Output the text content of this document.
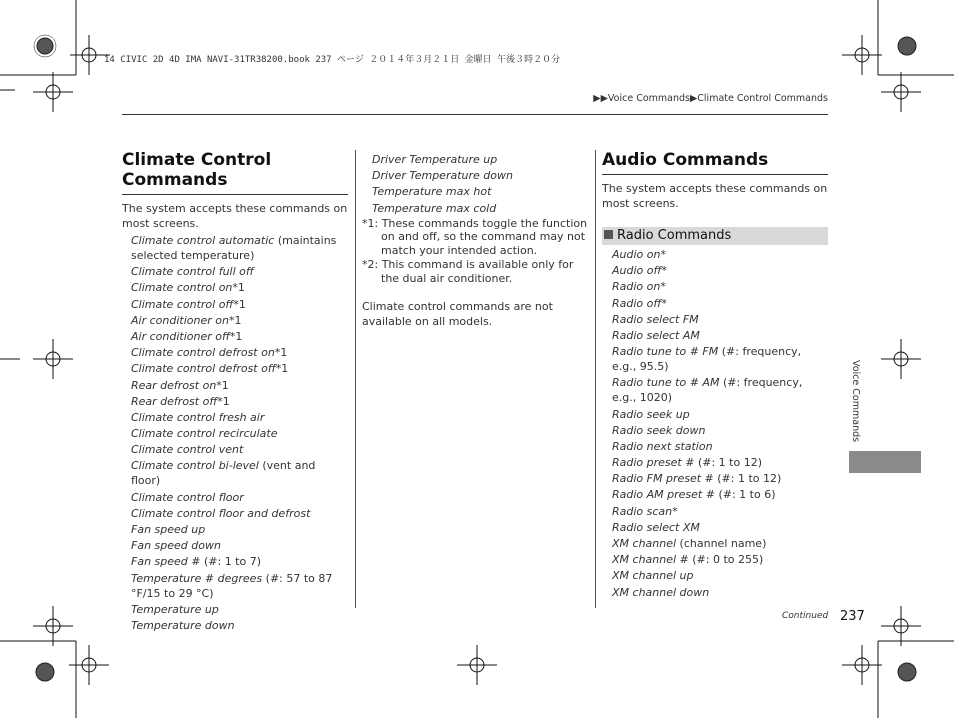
14 CIVIC 2D 4D IMA NAVI-31TR38200.book 237 ページ ２０１４年３月２１日 金曜日 午後３時２０分
▶▶Voice Commands▶Climate Control Commands
Climate Control Commands
The system accepts these commands on most screens.
Climate control automatic (maintains selected temperature)
Climate control full off
Climate control on*1
Climate control off*1
Air conditioner on*1
Air conditioner off*1
Climate control defrost on*1
Climate control defrost off*1
Rear defrost on*1
Rear defrost off*1
Climate control fresh air
Climate control recirculate
Climate control vent
Climate control bi-level (vent and floor)
Climate control floor
Climate control floor and defrost
Fan speed up
Fan speed down
Fan speed # (#: 1 to 7)
Temperature # degrees (#: 57 to 87 °F/15 to 29 °C)
Temperature up
Temperature down
Driver Temperature up
Driver Temperature down
Temperature max hot
Temperature max cold
*1: These commands toggle the function on and off, so the command may not match your intended action.
*2: This command is available only for the dual air conditioner.
Climate control commands are not available on all models.
Audio Commands
The system accepts these commands on most screens.
Radio Commands
Audio on*
Audio off*
Radio on*
Radio off*
Radio select FM
Radio select AM
Radio tune to # FM (#: frequency, e.g., 95.5)
Radio tune to # AM (#: frequency, e.g., 1020)
Radio seek up
Radio seek down
Radio next station
Radio preset # (#: 1 to 12)
Radio FM preset # (#: 1 to 12)
Radio AM preset # (#: 1 to 6)
Radio scan*
Radio select XM
XM channel (channel name)
XM channel # (#: 0 to 255)
XM channel up
XM channel down
Voice Commands
Continued 237
